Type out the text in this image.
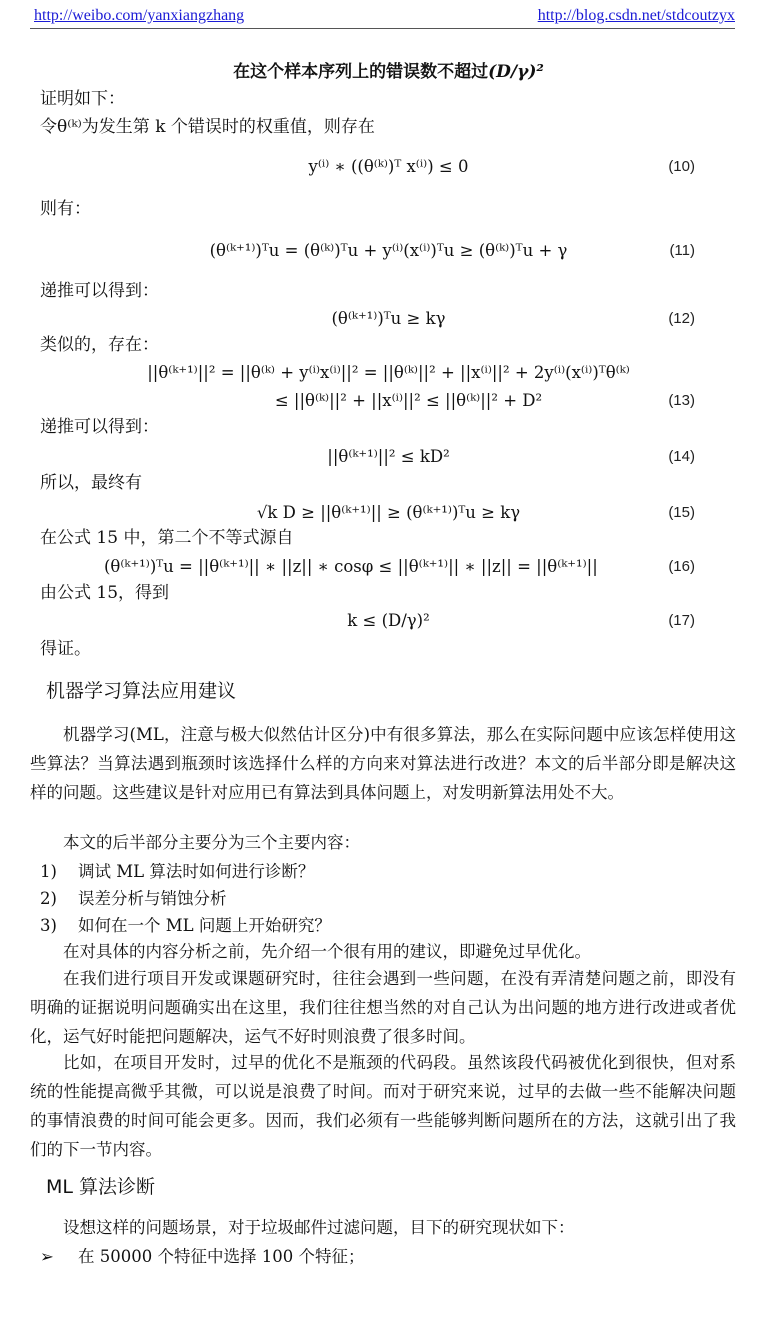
http://weibo.com/yanxiangzhang	http://blog.csdn.net/stdcoutzyx
在这个样本序列上的错误数不超过(D/γ)²
证明如下：
令θ⁽ᵏ⁾为发生第 k 个错误时的权重值，则存在
y⁽ⁱ⁾ ∗ ((θ⁽ᵏ⁾)ᵀ x⁽ⁱ⁾) ≤ 0	(10)
则有：
(θ⁽ᵏ⁺¹⁾)ᵀu = (θ⁽ᵏ⁾)ᵀu + y⁽ⁱ⁾(x⁽ⁱ⁾)ᵀu ≥ (θ⁽ᵏ⁾)ᵀu + γ	(11)
递推可以得到：
(θ⁽ᵏ⁺¹⁾)ᵀu ≥ kγ	(12)
类似的，存在：
||θ⁽ᵏ⁺¹⁾||² = ||θ⁽ᵏ⁾ + y⁽ⁱ⁾x⁽ⁱ⁾||² = ||θ⁽ᵏ⁾||² + ||x⁽ⁱ⁾||² + 2y⁽ⁱ⁾(x⁽ⁱ⁾)ᵀθ⁽ᵏ⁾
≤ ||θ⁽ᵏ⁾||² + ||x⁽ⁱ⁾||² ≤ ||θ⁽ᵏ⁾||² + D²	(13)
递推可以得到：
||θ⁽ᵏ⁺¹⁾||² ≤ kD²	(14)
所以，最终有
√k D ≥ ||θ⁽ᵏ⁺¹⁾|| ≥ (θ⁽ᵏ⁺¹⁾)ᵀu ≥ kγ	(15)
在公式 15 中，第二个不等式源自
(θ⁽ᵏ⁺¹⁾)ᵀu = ||θ⁽ᵏ⁺¹⁾|| ∗ ||z|| ∗ cosφ ≤ ||θ⁽ᵏ⁺¹⁾|| ∗ ||z|| = ||θ⁽ᵏ⁺¹⁾||	(16)
由公式 15，得到
k ≤ (D/γ)²	(17)
得证。
机器学习算法应用建议
机器学习(ML，注意与极大似然估计区分)中有很多算法，那么在实际问题中应该怎样使用这些算法？当算法遇到瓶颈时该选择什么样的方向来对算法进行改进？本文的后半部分即是解决这样的问题。这些建议是针对应用已有算法到具体问题上，对发明新算法用处不大。
本文的后半部分主要分为三个主要内容：
1) 调试 ML 算法时如何进行诊断？
2) 误差分析与销蚀分析
3) 如何在一个 ML 问题上开始研究？
在对具体的内容分析之前，先介绍一个很有用的建议，即避免过早优化。
在我们进行项目开发或课题研究时，往往会遇到一些问题，在没有弄清楚问题之前，即没有明确的证据说明问题确实出在这里，我们往往想当然的对自己认为出问题的地方进行改进或者优化，运气好时能把问题解决，运气不好时则浪费了很多时间。
比如，在项目开发时，过早的优化不是瓶颈的代码段。虽然该段代码被优化到很快，但对系统的性能提高微乎其微，可以说是浪费了时间。而对于研究来说，过早的去做一些不能解决问题的事情浪费的时间可能会更多。因而，我们必须有一些能够判断问题所在的方法，这就引出了我们的下一节内容。
ML 算法诊断
设想这样的问题场景，对于垃圾邮件过滤问题，目下的研究现状如下：
➢ 在 50000 个特征中选择 100 个特征；
